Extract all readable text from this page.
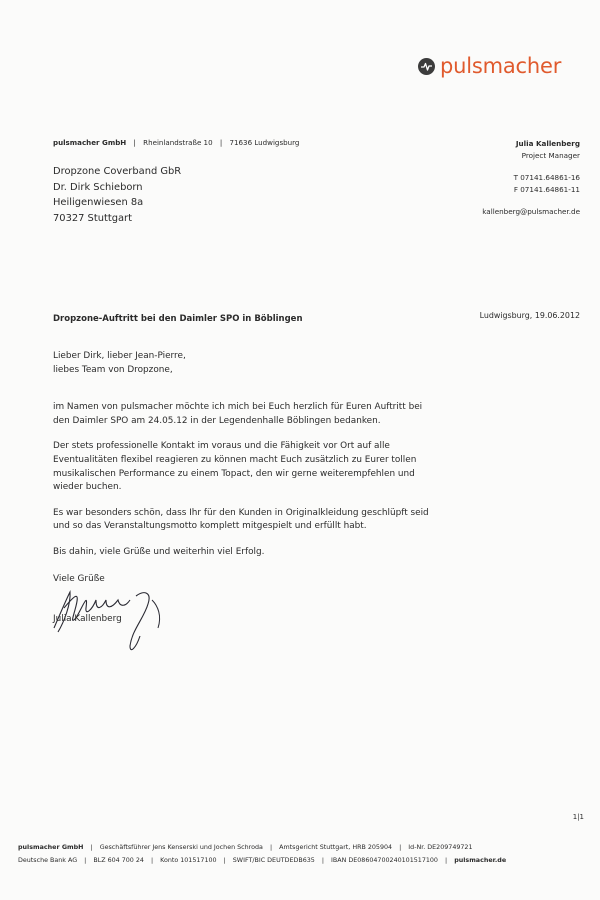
pulsmacher
pulsmacher GmbH | Rheinlandstraße 10 | 71636 Ludwigsburg	Julia Kallenberg
Project Manager
T 07141.64861-16
F 07141.64861-11
kallenberg@pulsmacher.de
Dropzone Coverband GbR
Dr. Dirk Schieborn
Heiligenwiesen 8a
70327 Stuttgart
Dropzone-Auftritt bei den Daimler SPO in Böblingen	Ludwigsburg, 19.06.2012

Lieber Dirk, lieber Jean-Pierre,

liebes Team von Dropzone,

im Namen von pulsmacher möchte ich mich bei Euch herzlich für Euren Auftritt bei

den Daimler SPO am 24.05.12 in der Legendenhalle Böblingen bedanken.

Der stets professionelle Kontakt im voraus und die Fähigkeit vor Ort auf alle

Eventualitäten flexibel reagieren zu können macht Euch zusätzlich zu Eurer tollen

musikalischen Performance zu einem Topact, den wir gerne weiterempfehlen und

wieder buchen.

Es war besonders schön, dass Ihr für den Kunden in Originalkleidung geschlüpft seid

und so das Veranstaltungsmotto komplett mitgespielt und erfüllt habt.

Bis dahin, viele Grüße und weiterhin viel Erfolg.

Viele Grüße
Julia Kallenberg
1|1
pulsmacher GmbH | Geschäftsführer Jens Kenserski und Jochen Schroda | Amtsgericht Stuttgart, HRB 205904 | Id-Nr. DE209749721
Deutsche Bank AG | BLZ 604 700 24 | Konto 101517100 | SWIFT/BIC DEUTDEDB635 | IBAN DE08604700240101517100 | pulsmacher.de
